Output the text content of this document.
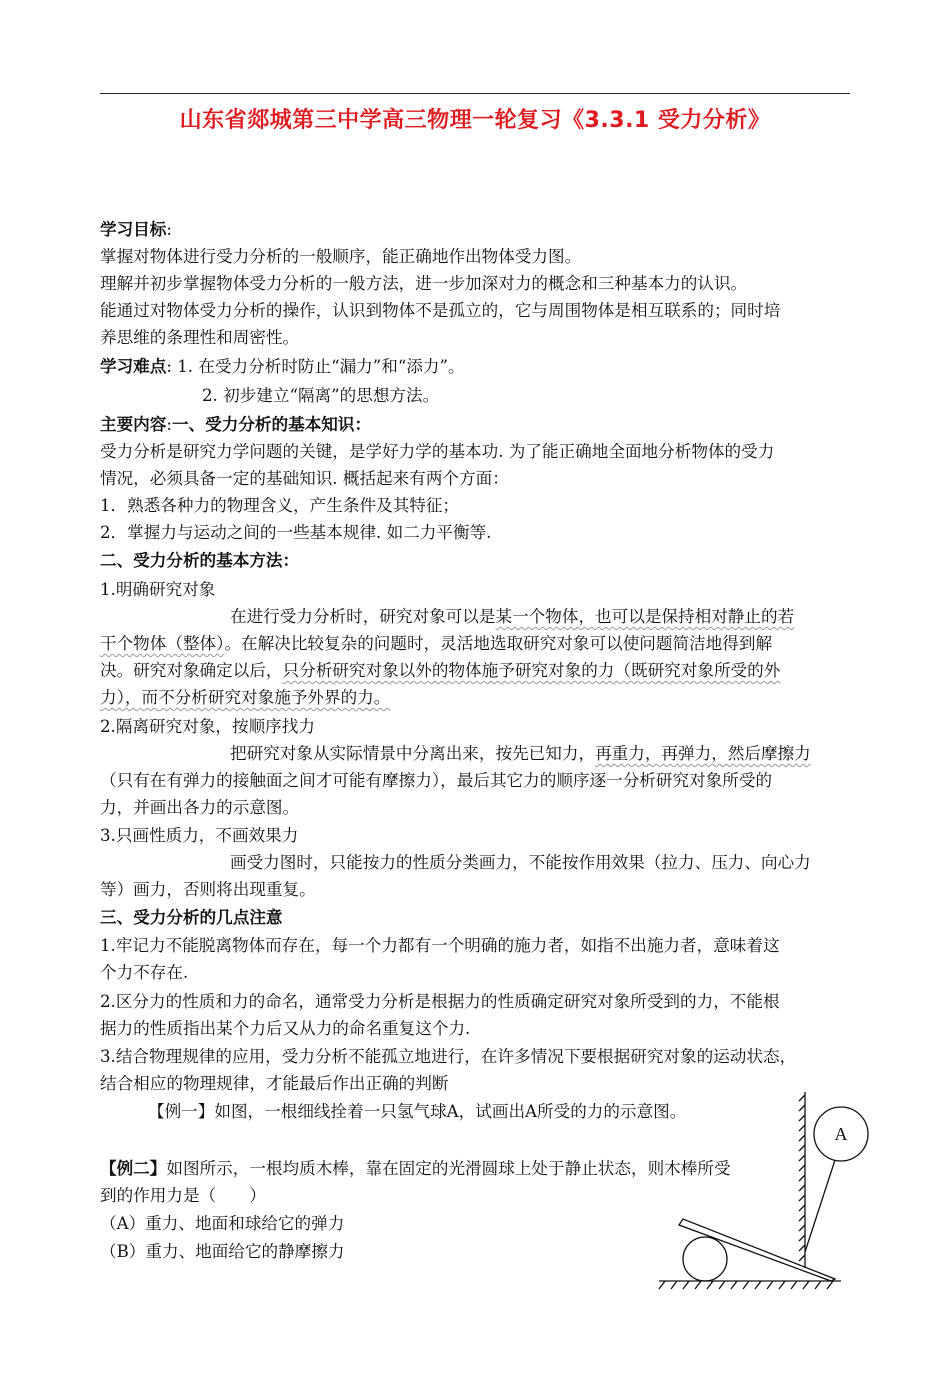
山东省郯城第三中学高三物理一轮复习《3.3.1 受力分析》
学习目标:
掌握对物体进行受力分析的一般顺序，能正确地作出物体受力图。
理解并初步掌握物体受力分析的一般方法，进一步加深对力的概念和三种基本力的认识。
能通过对物体受力分析的操作，认识到物体不是孤立的，它与周围物体是相互联系的；同时培
养思维的条理性和周密性。
学习难点: 1. 在受力分析时防止“漏力”和“添力”。
2. 初步建立“隔离”的思想方法。
主要内容:一、受力分析的基本知识：
受力分析是研究力学问题的关键，是学好力学的基本功. 为了能正确地全面地分析物体的受力
情况，必须具备一定的基础知识. 概括起来有两个方面：
1．熟悉各种力的物理含义，产生条件及其特征；
2．掌握力与运动之间的一些基本规律. 如二力平衡等.
二、受力分析的基本方法：
1.明确研究对象
在进行受力分析时，研究对象可以是某一个物体，也可以是保持相对静止的若
干个物体（整体）。在解决比较复杂的问题时，灵活地选取研究对象可以使问题简洁地得到解
决。研究对象确定以后，只分析研究对象以外的物体施予研究对象的力（既研究对象所受的外
力），而不分析研究对象施予外界的力。
2.隔离研究对象，按顺序找力
把研究对象从实际情景中分离出来，按先已知力，再重力，再弹力，然后摩擦力
（只有在有弹力的接触面之间才可能有摩擦力），最后其它力的顺序逐一分析研究对象所受的
力，并画出各力的示意图。
3.只画性质力，不画效果力
画受力图时，只能按力的性质分类画力，不能按作用效果（拉力、压力、向心力
等）画力，否则将出现重复。
三、受力分析的几点注意
1.牢记力不能脱离物体而存在，每一个力都有一个明确的施力者，如指不出施力者，意味着这
个力不存在.
2.区分力的性质和力的命名，通常受力分析是根据力的性质确定研究对象所受到的力，不能根
据力的性质指出某个力后又从力的命名重复这个力.
3.结合物理规律的应用，受力分析不能孤立地进行，在许多情况下要根据研究对象的运动状态，
结合相应的物理规律，才能最后作出正确的判断
【例一】如图，一根细线拴着一只氢气球A，试画出A所受的力的示意图。
【例二】如图所示，一根均质木棒，靠在固定的光滑圆球上处于静止状态，则木棒所受
到的作用力是（　　）
（A）重力、地面和球给它的弹力
（B）重力、地面给它的静摩擦力
A
